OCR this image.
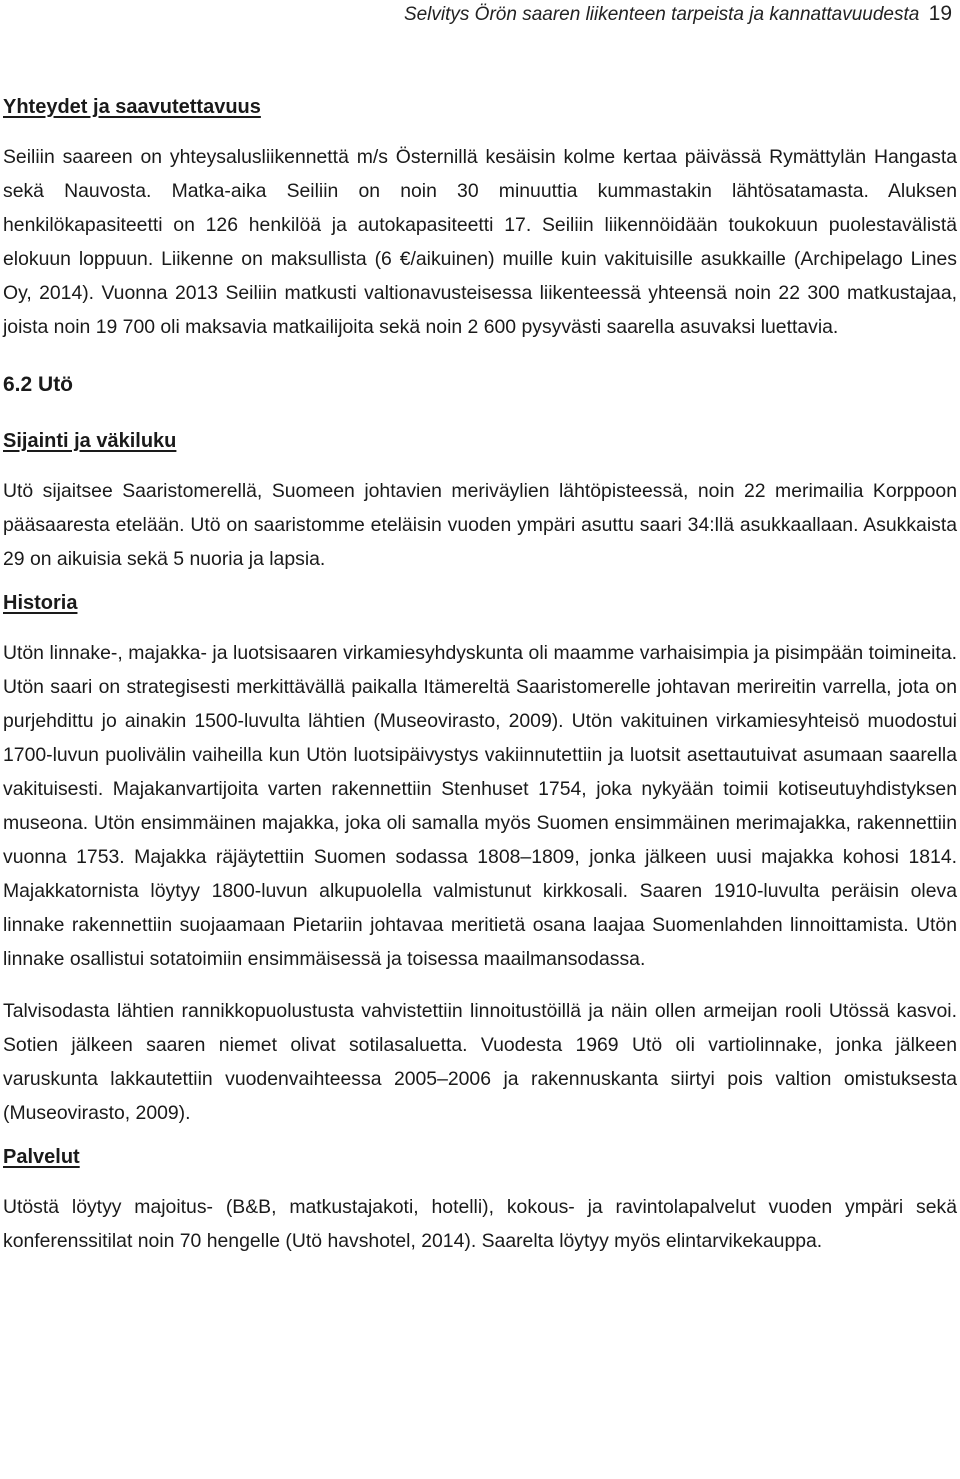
Selvitys Örön saaren liikenteen tarpeista ja kannattavuudesta 19
Yhteydet ja saavutettavuus

Seiliin saareen on yhteysalusliikennettä m/s Östernillä kesäisin kolme kertaa päivässä Rymättylän Hangasta sekä Nauvosta. Matka-aika Seiliin on noin 30 minuuttia kummastakin lähtösatamasta. Aluksen henkilökapasiteetti on 126 henkilöä ja autokapasiteetti 17. Seiliin liikennöidään toukokuun puolestavälistä elokuun loppuun. Liikenne on maksullista (6 €/aikuinen) muille kuin vakituisille asukkaille (Archipelago Lines Oy, 2014). Vuonna 2013 Seiliin matkusti valtionavusteisessa liikenteessä yhteensä noin 22 300 matkustajaa, joista noin 19 700 oli maksavia matkailijoita sekä noin 2 600 pysyvästi saarella asuvaksi luettavia.

6.2 Utö
Sijainti ja väkiluku

Utö sijaitsee Saaristomerellä, Suomeen johtavien meriväylien lähtöpisteessä, noin 22 merimailia Korppoon pääsaaresta etelään. Utö on saaristomme eteläisin vuoden ympäri asuttu saari 34:llä asukkaallaan. Asukkaista 29 on aikuisia sekä 5 nuoria ja lapsia.

Historia

Utön linnake-, majakka- ja luotsisaaren virkamiesyhdyskunta oli maamme varhaisimpia ja pisimpään toimineita. Utön saari on strategisesti merkittävällä paikalla Itämereltä Saaristomerelle johtavan merireitin varrella, jota on purjehdittu jo ainakin 1500-luvulta lähtien (Museovirasto, 2009). Utön vakituinen virkamiesyhteisö muodostui 1700-luvun puolivälin vaiheilla kun Utön luotsipäivystys vakiinnutettiin ja luotsit asettautuivat asumaan saarella vakituisesti. Majakanvartijoita varten rakennettiin Stenhuset 1754, joka nykyään toimii kotiseutuyhdistyksen museona. Utön ensimmäinen majakka, joka oli samalla myös Suomen ensimmäinen merimajakka, rakennettiin vuonna 1753. Majakka räjäytettiin Suomen sodassa 1808–1809, jonka jälkeen uusi majakka kohosi 1814. Majakkatornista löytyy 1800-luvun alkupuolella valmistunut kirkkosali. Saaren 1910-luvulta peräisin oleva linnake rakennettiin suojaamaan Pietariin johtavaa meritietä osana laajaa Suomenlahden linnoittamista. Utön linnake osallistui sotatoimiin ensimmäisessä ja toisessa maailmansodassa.

Talvisodasta lähtien rannikkopuolustusta vahvistettiin linnoitustöillä ja näin ollen armeijan rooli Utössä kasvoi. Sotien jälkeen saaren niemet olivat sotilasaluetta. Vuodesta 1969 Utö oli vartiolinnake, jonka jälkeen varuskunta lakkautettiin vuodenvaihteessa 2005–2006 ja rakennuskanta siirtyi pois valtion omistuksesta (Museovirasto, 2009).

Palvelut

Utöstä löytyy majoitus- (B&B, matkustajakoti, hotelli), kokous- ja ravintolapalvelut vuoden ympäri sekä konferenssitilat noin 70 hengelle (Utö havshotel, 2014). Saarelta löytyy myös elintarvikekauppa.
